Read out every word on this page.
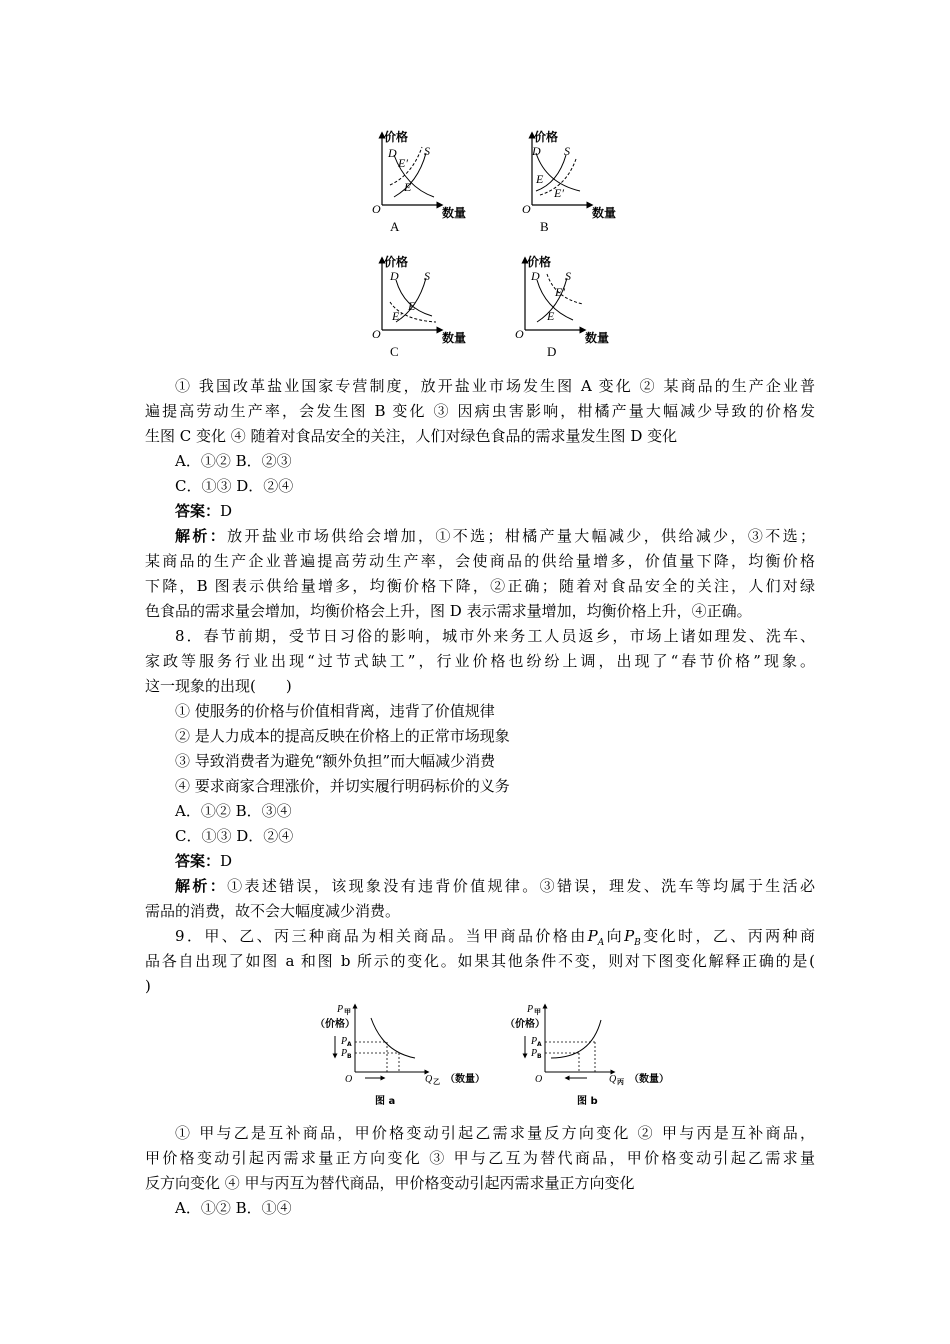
价格
数量
O
D S
E′
E
A
价格
数量
O
D S
E
E′
B
价格
数量
O
D S
E
E′
C
价格
数量
O
D S
E′
E
D
① 我国改革盐业国家专营制度，放开盐业市场发生图 A 变化 ② 某商品的生产企业普
遍提高劳动生产率，会发生图 B 变化 ③ 因病虫害影响，柑橘产量大幅减少导致的价格发
生图 C 变化 ④ 随着对食品安全的关注，人们对绿色食品的需求量发生图 D 变化
A．①② B．②③
C．①③ D．②④
答案：D
解析：放开盐业市场供给会增加，①不选；柑橘产量大幅减少，供给减少，③不选；
某商品的生产企业普遍提高劳动生产率，会使商品的供给量增多，价值量下降，均衡价格
下降，B 图表示供给量增多，均衡价格下降，②正确；随着对食品安全的关注，人们对绿
色食品的需求量会增加，均衡价格会上升，图 D 表示需求量增加，均衡价格上升，④正确。
8．春节前期，受节日习俗的影响，城市外来务工人员返乡，市场上诸如理发、洗车、
家政等服务行业出现“过节式缺工”，行业价格也纷纷上调，出现了“春节价格”现象。
这一现象的出现(　　)
① 使服务的价格与价值相背离，违背了价值规律
② 是人力成本的提高反映在价格上的正常市场现象
③ 导致消费者为避免“额外负担”而大幅减少消费
④ 要求商家合理涨价，并切实履行明码标价的义务
A．①② B．③④
C．①③ D．②④
答案：D
解析：①表述错误，该现象没有违背价值规律。③错误，理发、洗车等均属于生活必
需品的消费，故不会大幅度减少消费。
9．甲、乙、丙三种商品为相关商品。当甲商品价格由$P_A$向$P_B$变化时，乙、丙两种商
品各自出现了如图 a 和图 b 所示的变化。如果其他条件不变，则对下图变化解释正确的是(
)
P 甲
（价格）
P A
P B
O	Q 乙 （数量）
图 a
P 甲
（价格）
P A
P B
O	Q 丙 （数量）
图 b
① 甲与乙是互补商品，甲价格变动引起乙需求量反方向变化 ② 甲与丙是互补商品，
甲价格变动引起丙需求量正方向变化 ③ 甲与乙互为替代商品，甲价格变动引起乙需求量
反方向变化 ④ 甲与丙互为替代商品，甲价格变动引起丙需求量正方向变化
A．①② B．①④
